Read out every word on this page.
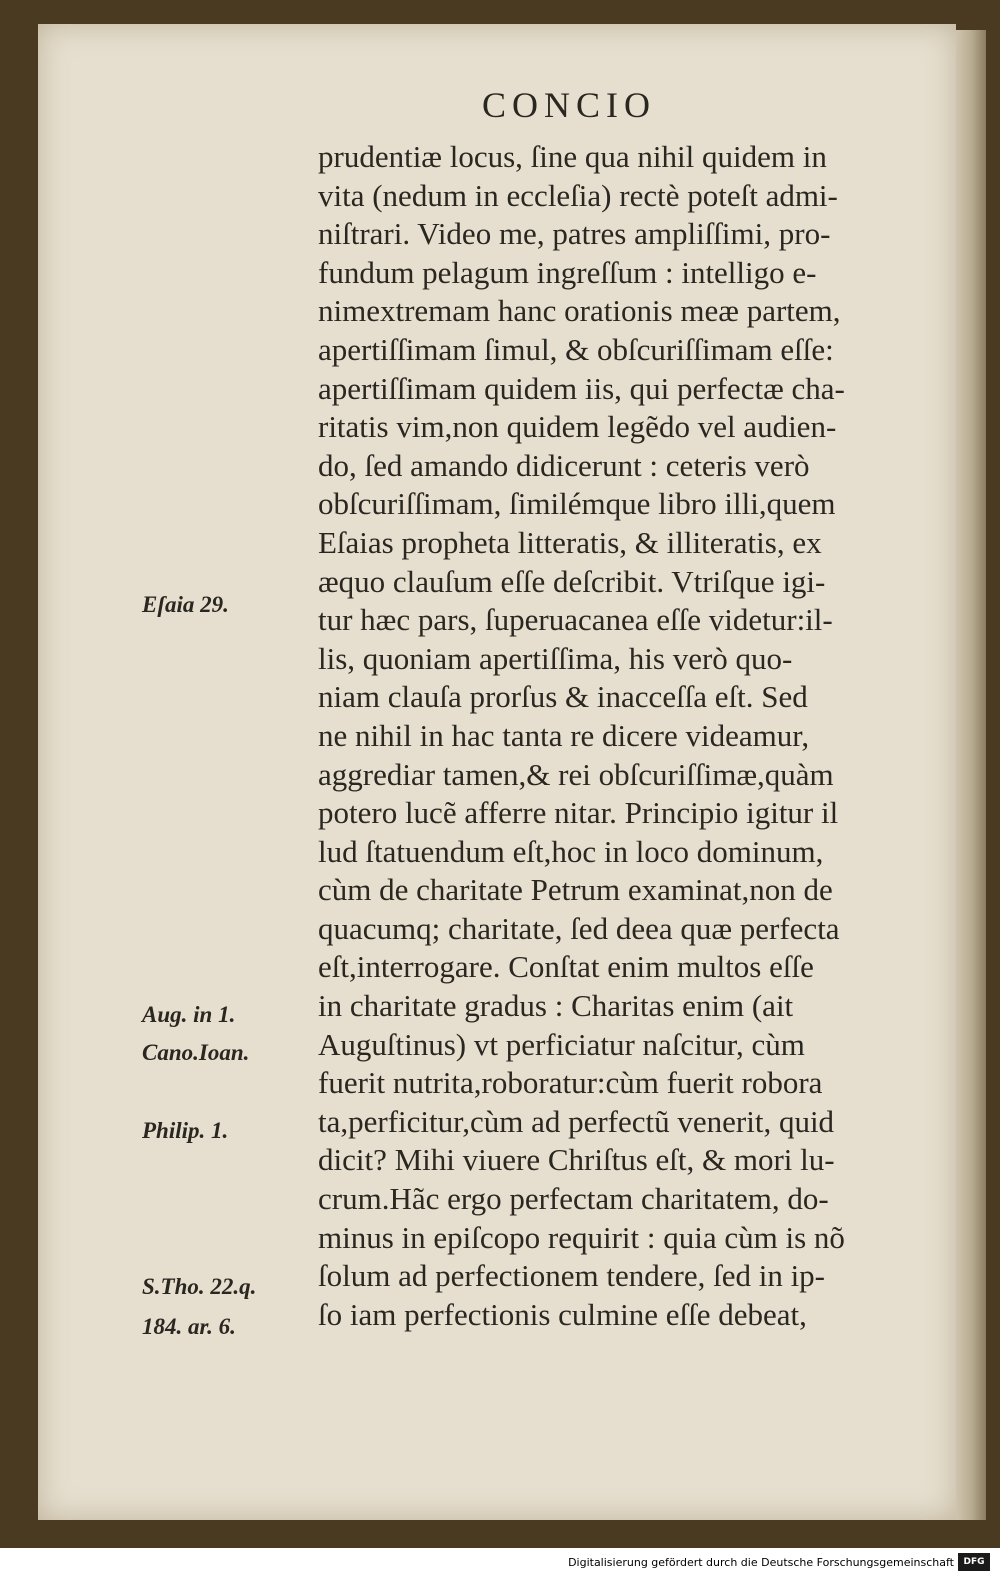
CONCIO
prudentiæ locus, ſine qua nihil quidem in
vita (nedum in eccleſia) rectè poteſt admi-
niſtrari. Video me, patres ampliſſimi, pro-
fundum pelagum ingreſſum : intelligo e-
nimextremam hanc orationis meæ partem,
apertiſſimam ſimul, & obſcuriſſimam eſſe:
apertiſſimam quidem iis, qui perfectæ cha-
ritatis vim,non quidem legẽdo vel audien-
do, ſed amando didicerunt : ceteris verò
obſcuriſſimam, ſimilémque libro illi,quem
Eſaias propheta litteratis, & illiteratis, ex
æquo clauſum eſſe deſcribit. Vtriſque igi-
tur hæc pars, ſuperuacanea eſſe videtur:il-
lis, quoniam apertiſſima, his verò quo-
niam clauſa prorſus & inacceſſa eſt. Sed
ne nihil in hac tanta re dicere videamur,
aggrediar tamen,& rei obſcuriſſimæ,quàm
potero lucẽ afferre nitar. Principio igitur il
lud ſtatuendum eſt,hoc in loco dominum,
cùm de charitate Petrum examinat,non de
quacumq; charitate, ſed deea quæ perfecta
eſt,interrogare. Conſtat enim multos eſſe
in charitate gradus : Charitas enim (ait
Auguſtinus) vt perficiatur naſcitur, cùm
fuerit nutrita,roboratur:cùm fuerit robora
ta,perficitur,cùm ad perfectũ venerit, quid
dicit? Mihi viuere Chriſtus eſt, & mori lu-
crum.Hãc ergo perfectam charitatem, do-
minus in epiſcopo requirit : quia cùm is nõ
ſolum ad perfectionem tendere, ſed in ip-
ſo iam perfectionis culmine eſſe debeat,
Eſaia 29.
Aug. in 1.
Cano.Ioan.
Philip. 1.
S.Tho. 22.q.
184. ar. 6.
Digitalisierung gefördert durch die Deutsche Forschungsgemeinschaft	DFG
